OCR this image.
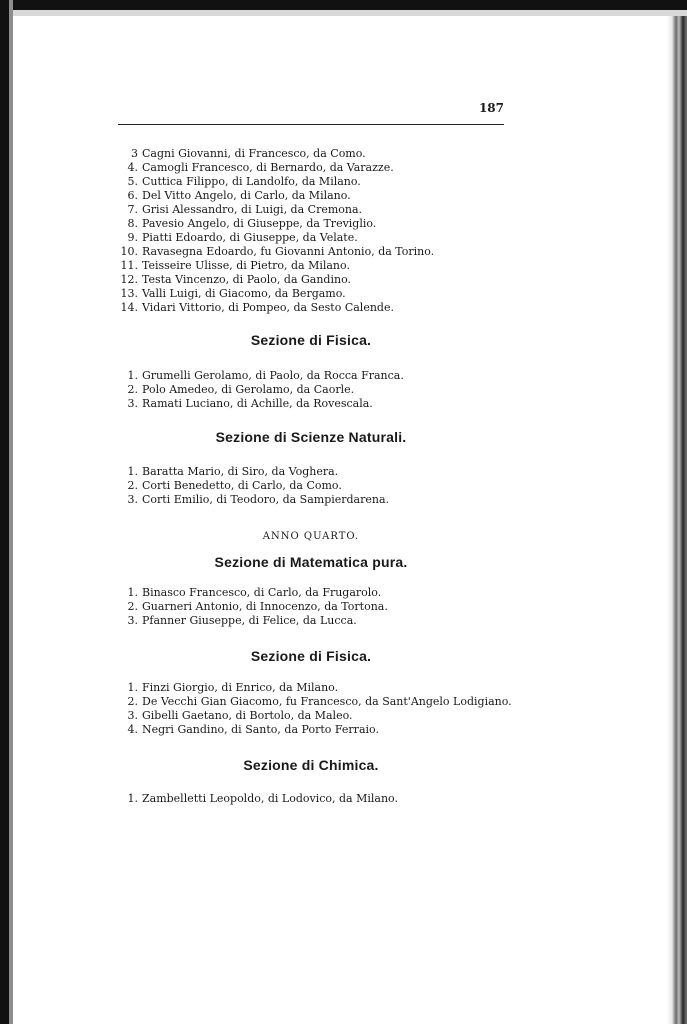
187
3 Cagni Giovanni, di Francesco, da Como.
4. Camogli Francesco, di Bernardo, da Varazze.
5. Cuttica Filippo, di Landolfo, da Milano.
6. Del Vitto Angelo, di Carlo, da Milano.
7. Grisi Alessandro, di Luigi, da Cremona.
8. Pavesio Angelo, di Giuseppe, da Treviglio.
9. Piatti Edoardo, di Giuseppe, da Velate.
10. Ravasegna Edoardo, fu Giovanni Antonio, da Torino.
11. Teisseire Ulisse, di Pietro, da Milano.
12. Testa Vincenzo, di Paolo, da Gandino.
13. Valli Luigi, di Giacomo, da Bergamo.
14. Vidari Vittorio, di Pompeo, da Sesto Calende.
Sezione di Fisica.
1. Grumelli Gerolamo, di Paolo, da Rocca Franca.
2. Polo Amedeo, di Gerolamo, da Caorle.
3. Ramati Luciano, di Achille, da Rovescala.
Sezione di Scienze Naturali.
1. Baratta Mario, di Siro, da Voghera.
2. Corti Benedetto, di Carlo, da Como.
3. Corti Emilio, di Teodoro, da Sampierdarena.
ANNO QUARTO.
Sezione di Matematica pura.
1. Binasco Francesco, di Carlo, da Frugarolo.
2. Guarneri Antonio, di Innocenzo, da Tortona.
3. Pfanner Giuseppe, di Felice, da Lucca.
Sezione di Fisica.
1. Finzi Giorgio, di Enrico, da Milano.
2. De Vecchi Gian Giacomo, fu Francesco, da Sant'Angelo Lodigiano.
3. Gibelli Gaetano, di Bortolo, da Maleo.
4. Negri Gandino, di Santo, da Porto Ferraio.
Sezione di Chimica.
1. Zambelletti Leopoldo, di Lodovico, da Milano.
